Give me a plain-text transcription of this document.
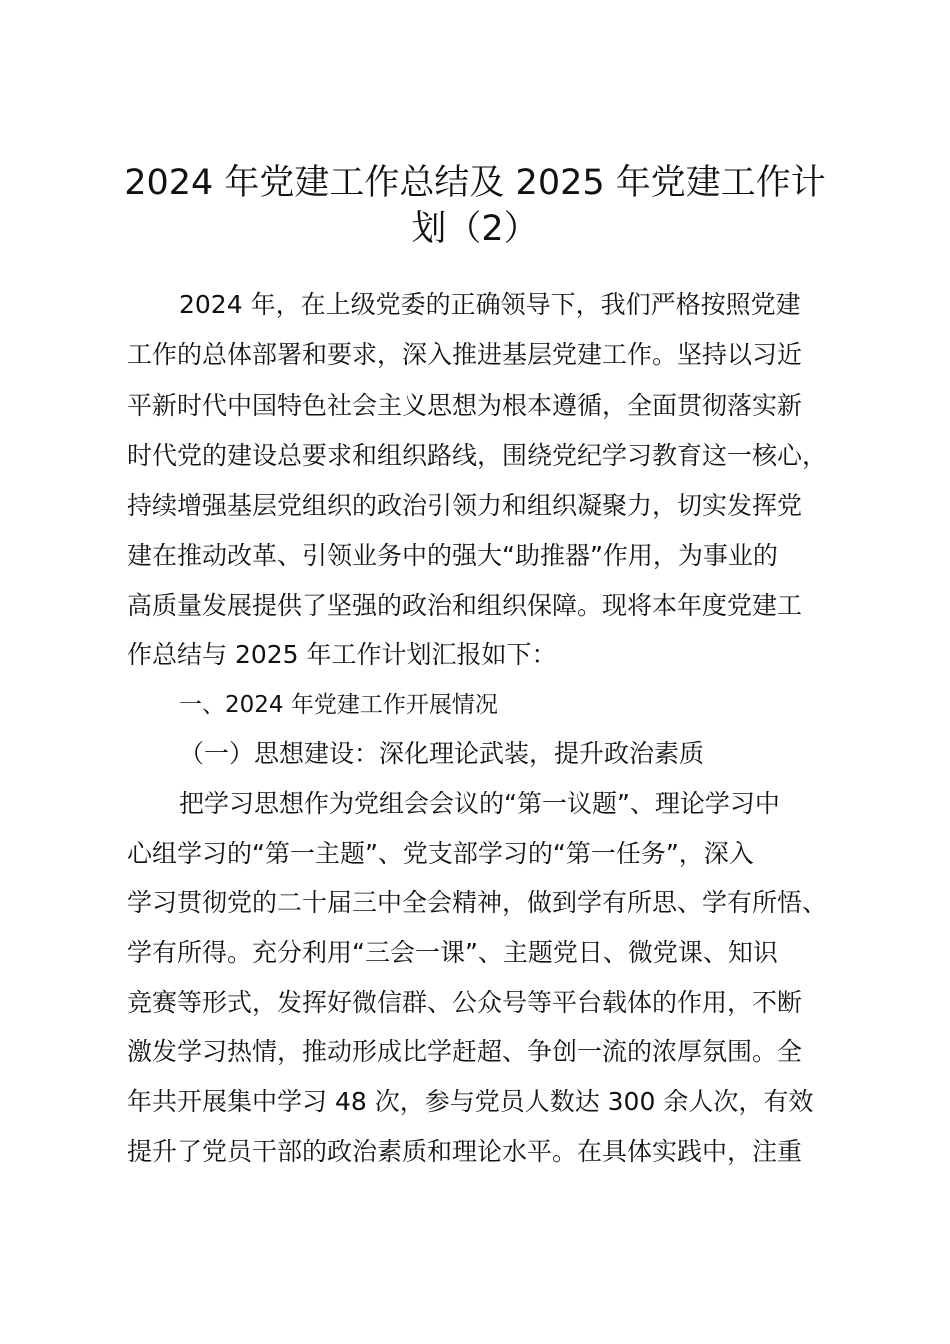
2024 年党建工作总结及 2025 年党建工作计
划（2）

2024 年，在上级党委的正确领导下，我们严格按照党建

工作的总体部署和要求，深入推进基层党建工作。坚持以习近

平新时代中国特色社会主义思想为根本遵循，全面贯彻落实新

时代党的建设总要求和组织路线，围绕党纪学习教育这一核心，

持续增强基层党组织的政治引领力和组织凝聚力，切实发挥党

建在推动改革、引领业务中的强大“助推器”作用，为事业的

高质量发展提供了坚强的政治和组织保障。现将本年度党建工

作总结与 2025 年工作计划汇报如下：

一、2024 年党建工作开展情况

（一）思想建设：深化理论武装，提升政治素质

把学习思想作为党组会会议的“第一议题”、理论学习中

心组学习的“第一主题”、党支部学习的“第一任务”，深入

学习贯彻党的二十届三中全会精神，做到学有所思、学有所悟、

学有所得。充分利用“三会一课”、主题党日、微党课、知识

竞赛等形式，发挥好微信群、公众号等平台载体的作用，不断

激发学习热情，推动形成比学赶超、争创一流的浓厚氛围。全

年共开展集中学习 48 次，参与党员人数达 300 余人次，有效

提升了党员干部的政治素质和理论水平。在具体实践中，注重
